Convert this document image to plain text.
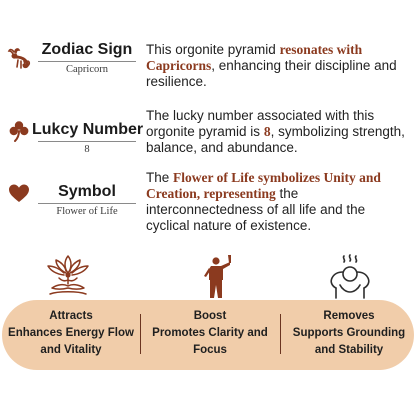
Zodiac Sign
Capricorn

This orgonite pyramid resonates with Capricorns, enhancing their discipline and resilience.

Lukcy Number
8

The lucky number associated with this orgonite pyramid is 8, symbolizing strength, balance, and abundance.

Symbol
Flower of Life

The Flower of Life symbolizes Unity and Creation, representing the interconnectedness of all life and the cyclical nature of existence.

Attracts
Enhances Energy Flow
and Vitality
Boost
Promotes Clarity and
Focus
Removes
Supports Grounding
and Stability
